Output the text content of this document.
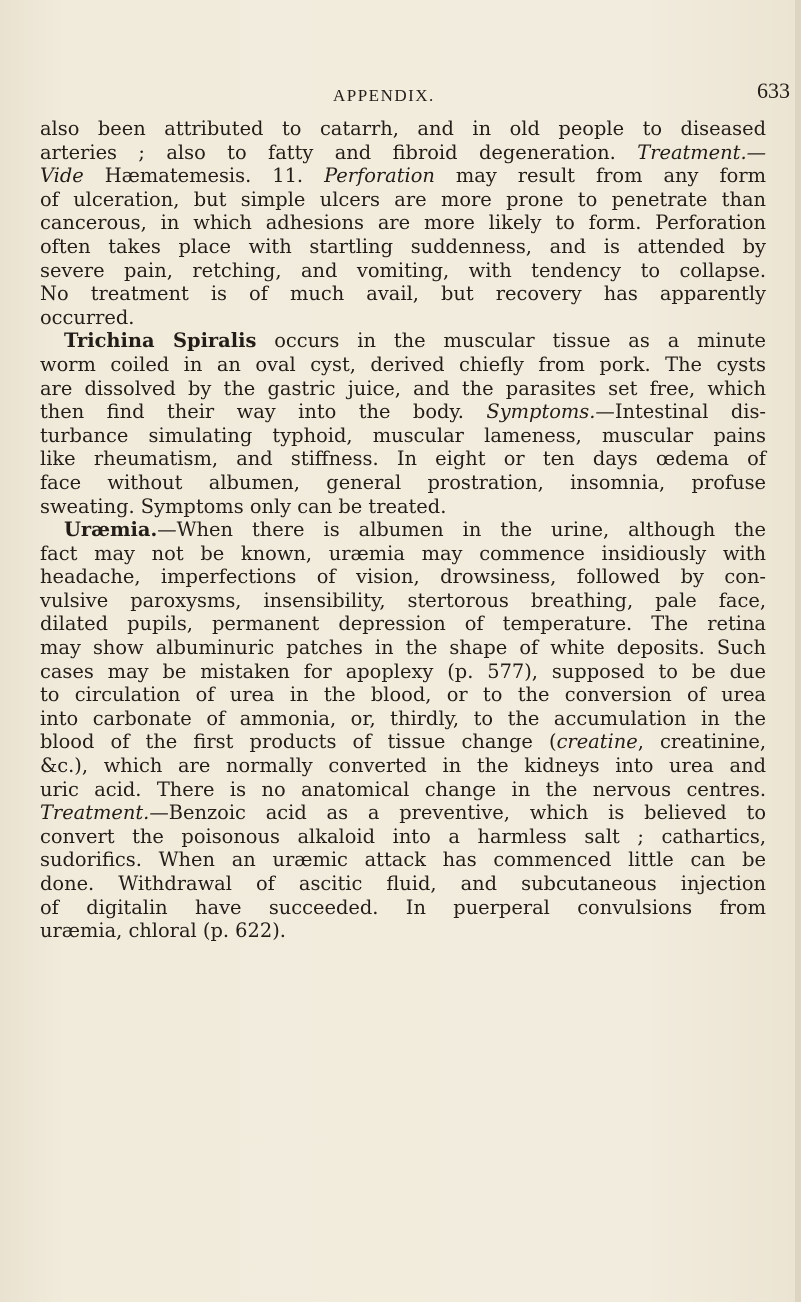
APPENDIX.	633
also been attributed to catarrh, and in old people to diseased
arteries ; also to fatty and fibroid degeneration. Treatment.—
Vide Hæmatemesis. 11. Perforation may result from any form
of ulceration, but simple ulcers are more prone to penetrate than
cancerous, in which adhesions are more likely to form. Perforation
often takes place with startling suddenness, and is attended by
severe pain, retching, and vomiting, with tendency to collapse.
No treatment is of much avail, but recovery has apparently
occurred.
Trichina Spiralis occurs in the muscular tissue as a minute
worm coiled in an oval cyst, derived chiefly from pork. The cysts
are dissolved by the gastric juice, and the parasites set free, which
then find their way into the body. Symptoms.—Intestinal dis-
turbance simulating typhoid, muscular lameness, muscular pains
like rheumatism, and stiffness. In eight or ten days œdema of
face without albumen, general prostration, insomnia, profuse
sweating. Symptoms only can be treated.
Uræmia.—When there is albumen in the urine, although the
fact may not be known, uræmia may commence insidiously with
headache, imperfections of vision, drowsiness, followed by con-
vulsive paroxysms, insensibility, stertorous breathing, pale face,
dilated pupils, permanent depression of temperature. The retina
may show albuminuric patches in the shape of white deposits. Such
cases may be mistaken for apoplexy (p. 577), supposed to be due
to circulation of urea in the blood, or to the conversion of urea
into carbonate of ammonia, or, thirdly, to the accumulation in the
blood of the first products of tissue change (creatine, creatinine,
&c.), which are normally converted in the kidneys into urea and
uric acid. There is no anatomical change in the nervous centres.
Treatment.—Benzoic acid as a preventive, which is believed to
convert the poisonous alkaloid into a harmless salt ; cathartics,
sudorifics. When an uræmic attack has commenced little can be
done. Withdrawal of ascitic fluid, and subcutaneous injection
of digitalin have succeeded. In puerperal convulsions from
uræmia, chloral (p. 622).
